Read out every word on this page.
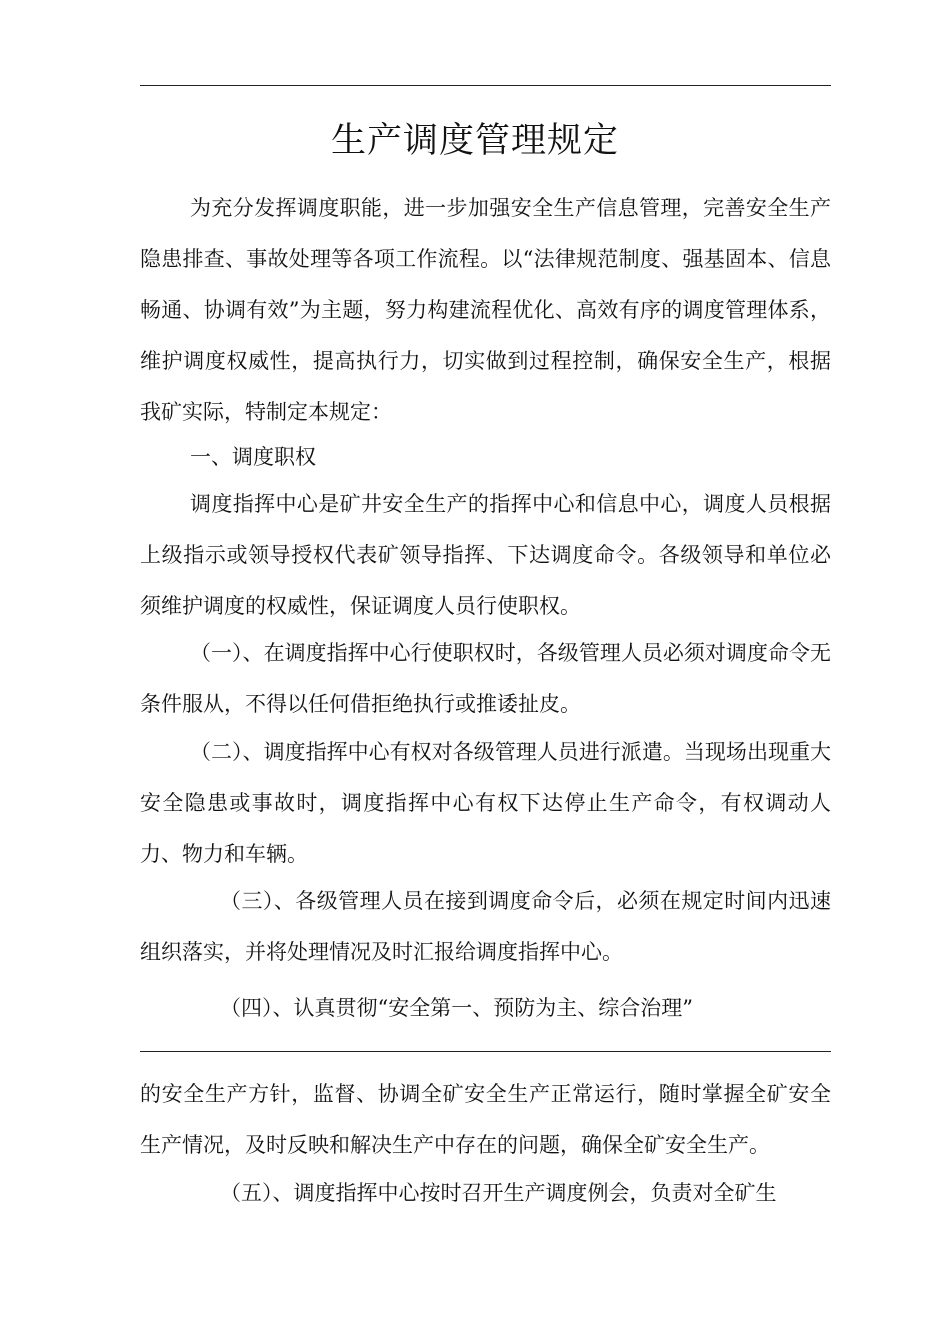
生产调度管理规定

为充分发挥调度职能，进一步加强安全生产信息管理，完善安全生产隐患排查、事故处理等各项工作流程。以“法律规范制度、强基固本、信息畅通、协调有效”为主题，努力构建流程优化、高效有序的调度管理体系，维护调度权威性，提高执行力，切实做到过程控制，确保安全生产，根据我矿实际，特制定本规定：

一、调度职权

调度指挥中心是矿井安全生产的指挥中心和信息中心，调度人员根据上级指示或领导授权代表矿领导指挥、下达调度命令。各级领导和单位必须维护调度的权威性，保证调度人员行使职权。

（一）、在调度指挥中心行使职权时，各级管理人员必须对调度命令无条件服从，不得以任何借拒绝执行或推诿扯皮。

（二）、调度指挥中心有权对各级管理人员进行派遣。当现场出现重大安全隐患或事故时，调度指挥中心有权下达停止生产命令，有权调动人力、物力和车辆。

（三）、各级管理人员在接到调度命令后，必须在规定时间内迅速组织落实，并将处理情况及时汇报给调度指挥中心。

（四）、认真贯彻“安全第一、预防为主、综合治理”

的安全生产方针，监督、协调全矿安全生产正常运行，随时掌握全矿安全生产情况，及时反映和解决生产中存在的问题，确保全矿安全生产。

（五）、调度指挥中心按时召开生产调度例会，负责对全矿生
